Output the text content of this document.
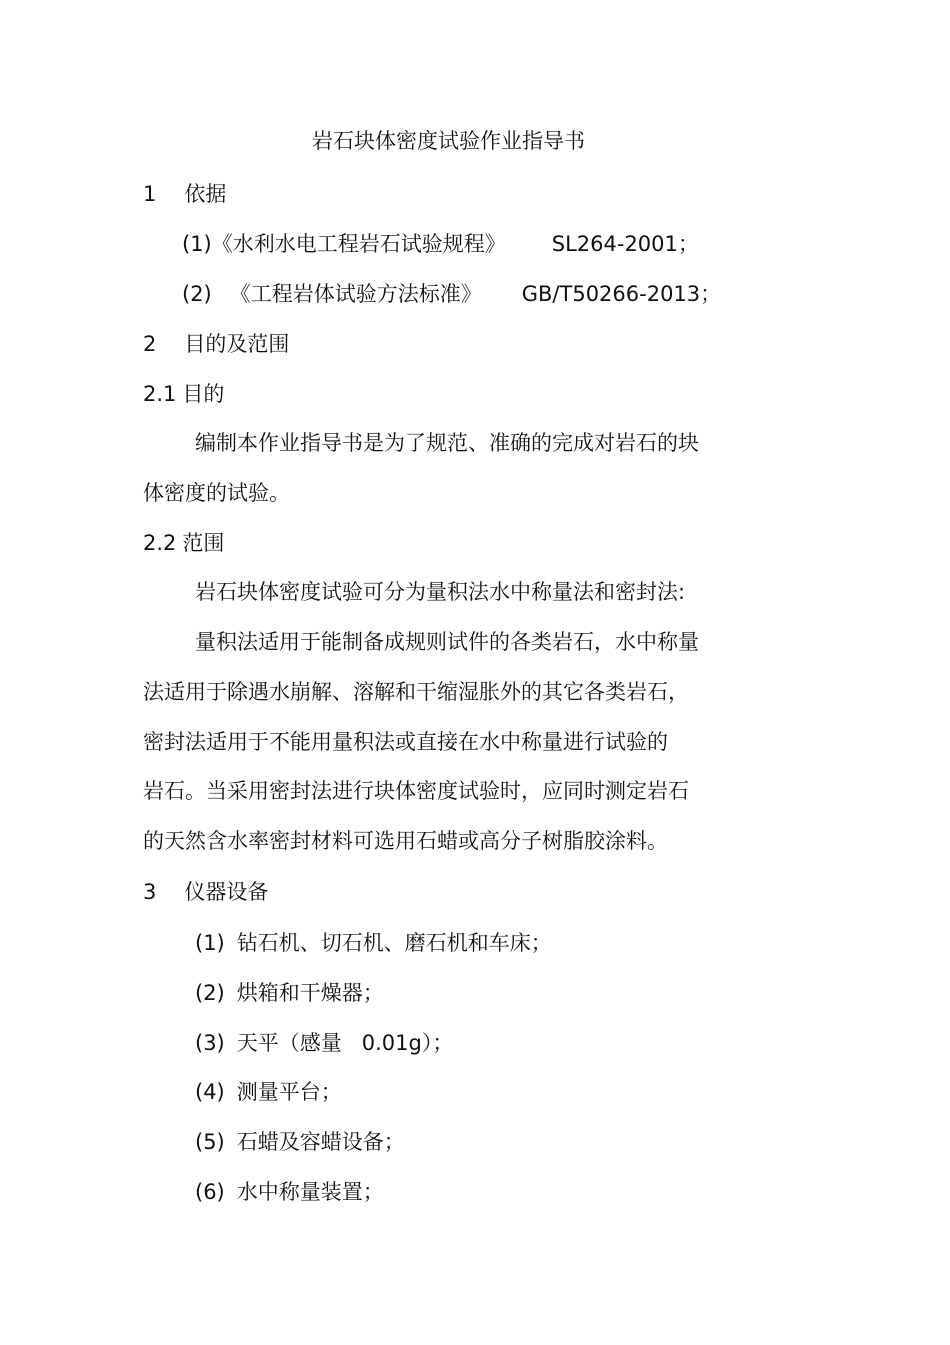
岩石块体密度试验作业指导书
1 依据
(1)《水利水电工程岩石试验规程》 SL264-2001；
(2) 《工程岩体试验方法标准》 GB/T50266-2013；
2 目的及范围
2.1 目的
编制本作业指导书是为了规范、准确的完成对岩石的块
体密度的试验。
2.2 范围
岩石块体密度试验可分为量积法水中称量法和密封法:
量积法适用于能制备成规则试件的各类岩石，水中称量
法适用于除遇水崩解、溶解和干缩湿胀外的其它各类岩石，
密封法适用于不能用量积法或直接在水中称量进行试验的
岩石。当采用密封法进行块体密度试验时，应同时测定岩石
的天然含水率密封材料可选用石蜡或高分子树脂胶涂料。
3 仪器设备
(1) 钻石机、切石机、磨石机和车床；
(2) 烘箱和干燥器；
(3) 天平（感量   0.01g）；
(4) 测量平台；
(5) 石蜡及容蜡设备；
(6) 水中称量装置；
